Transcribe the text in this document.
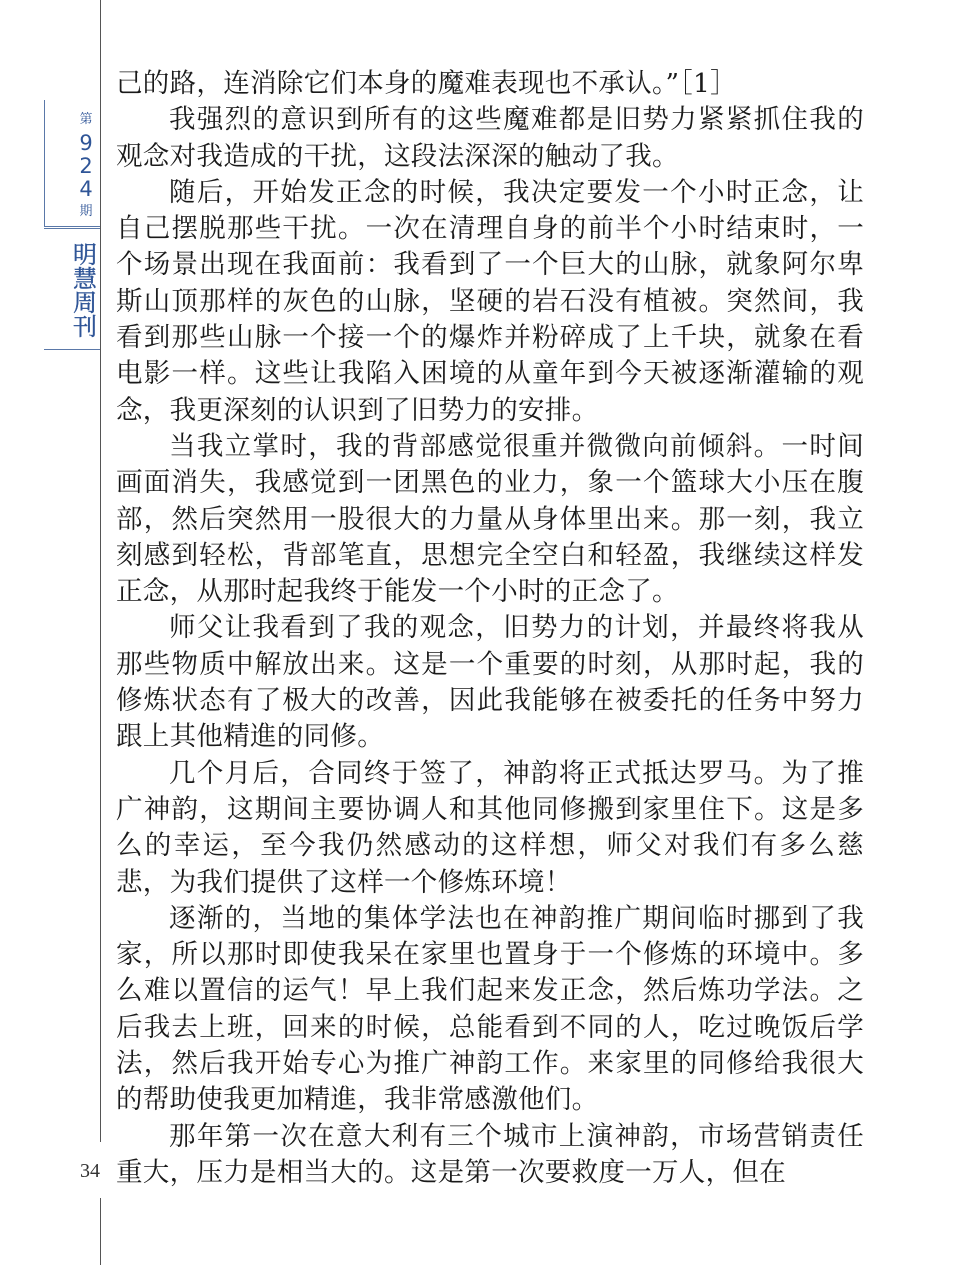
第
9
2
4
期
明
慧
周
刊
34

己的路，连消除它们本身的魔难表现也不承认。”［1］

我强烈的意识到所有的这些魔难都是旧势力紧紧抓住我的观念对我造成的干扰，这段法深深的触动了我。

随后，开始发正念的时候，我决定要发一个小时正念，让自己摆脱那些干扰。一次在清理自身的前半个小时结束时，一个场景出现在我面前：我看到了一个巨大的山脉，就象阿尔卑斯山顶那样的灰色的山脉，坚硬的岩石没有植被。突然间，我看到那些山脉一个接一个的爆炸并粉碎成了上千块，就象在看电影一样。这些让我陷入困境的从童年到今天被逐渐灌输的观念，我更深刻的认识到了旧势力的安排。

当我立掌时，我的背部感觉很重并微微向前倾斜。一时间画面消失，我感觉到一团黑色的业力，象一个篮球大小压在腹部，然后突然用一股很大的力量从身体里出来。那一刻，我立刻感到轻松，背部笔直，思想完全空白和轻盈，我继续这样发正念，从那时起我终于能发一个小时的正念了。

师父让我看到了我的观念，旧势力的计划，并最终将我从那些物质中解放出来。这是一个重要的时刻，从那时起，我的修炼状态有了极大的改善，因此我能够在被委托的任务中努力跟上其他精進的同修。

几个月后，合同终于签了，神韵将正式抵达罗马。为了推广神韵，这期间主要协调人和其他同修搬到家里住下。这是多么的幸运，至今我仍然感动的这样想，师父对我们有多么慈悲，为我们提供了这样一个修炼环境！

逐渐的，当地的集体学法也在神韵推广期间临时挪到了我家，所以那时即使我呆在家里也置身于一个修炼的环境中。多么难以置信的运气！早上我们起来发正念，然后炼功学法。之后我去上班，回来的时候，总能看到不同的人，吃过晚饭后学法，然后我开始专心为推广神韵工作。来家里的同修给我很大的帮助使我更加精進，我非常感激他们。

那年第一次在意大利有三个城市上演神韵，市场营销责任重大，压力是相当大的。这是第一次要救度一万人，但在
